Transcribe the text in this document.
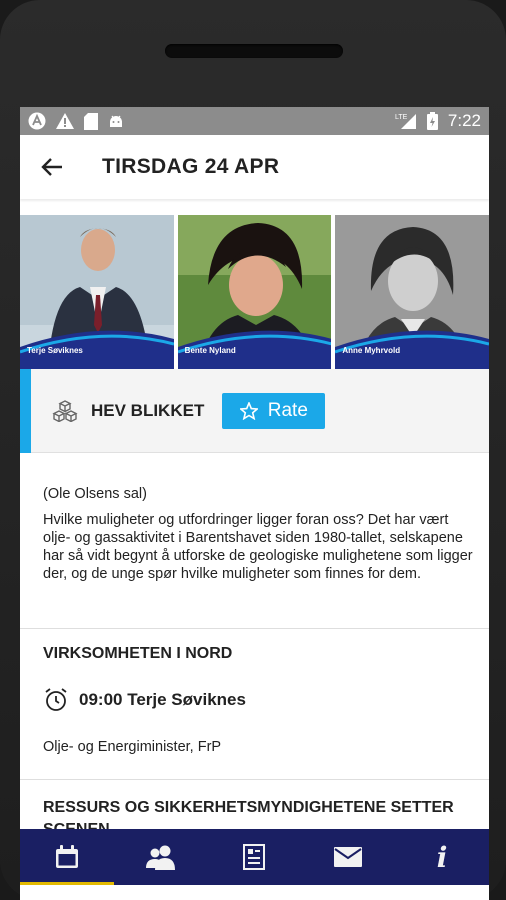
LTE 7:22
TIRSDAG 24 APR
Terje Søviknes	Bente Nyland	Anne Myhrvold
HEV BLIKKET	Rate
(Ole Olsens sal)
Hvilke muligheter og utfordringer ligger foran oss? Det har vært olje- og gassaktivitet i Barentshavet siden 1980-tallet, selskapene har så vidt begynt å utforske de geologiske mulighetene som ligger der, og de unge spør hvilke muligheter som finnes for dem.
VIRKSOMHETEN I NORD
09:00 Terje Søviknes
Olje- og Energiminister, FrP
RESSURS OG SIKKERHETSMYNDIGHETENE SETTER
i
